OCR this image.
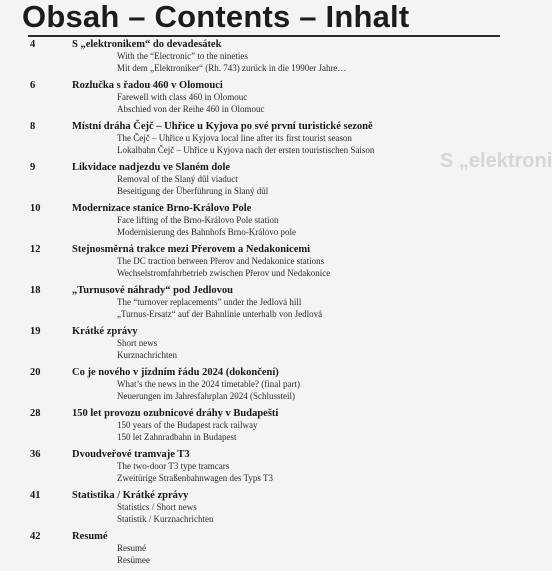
Obsah – Contents – Inhalt
S „elektroni
4	S „elektronikem“ do devadesátek
With the “Electronic” to the nineties
Mit dem „Elektroniker“ (Rh. 743) zurück in die 1990er Jahre…
6	Rozlučka s řadou 460 v Olomouci
Farewell with class 460 in Olomouc
Abschied von der Reihe 460 in Olomouc
8	Místní dráha Čejč – Uhřice u Kyjova po své první turistické sezoně
The Čejč – Uhřice u Kyjova local line after its first tourist season
Lokalbahn Čejč – Uhřice u Kyjova nach der ersten touristischen Saison
9	Likvidace nadjezdu ve Slaném dole
Removal of the Slaný důl viaduct
Beseitigung der Überführung in Slaný důl
10	Modernizace stanice Brno-Královo Pole
Face lifting of the Brno-Královo Pole station
Modernisierung des Bahnhofs Brno-Královo pole
12	Stejnosměrná trakce mezi Přerovem a Nedakonicemi
The DC traction between Přerov and Nedakonice stations
Wechselstromfahrbetrieb zwischen Přerov und Nedakonice
18	„Turnusové náhrady“ pod Jedlovou
The “turnover replacements” under the Jedlová hill
„Turnus-Ersatz“ auf der Bahnlinie unterhalb von Jedlová
19	Krátké zprávy
Short news
Kurznachrichten
20	Co je nového v jízdním řádu 2024 (dokončení)
What’s the news in the 2024 timetable? (final part)
Neuerungen im Jahresfahrplan 2024 (Schlussteil)
28	150 let provozu ozubnicové dráhy v Budapešti
150 years of the Budapest rack railway
150 let Zahnradbahn in Budapest
36	Dvoudveřové tramvaje T3
The two-door T3 type tramcars
Zweitürige Straßenbahnwagen des Typs T3
41	Statistika / Krátké zprávy
Statistics / Short news
Statistik / Kurznachrichten
42	Resumé
Resumé
Resümee
